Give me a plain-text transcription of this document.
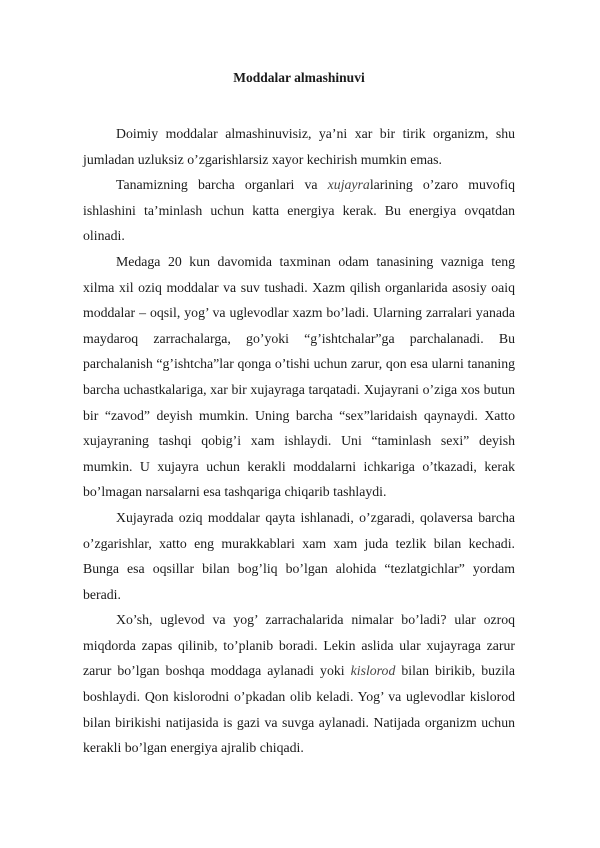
Moddalar almashinuvi

Doimiy moddalar almashinuvisiz, ya’ni xar bir tirik organizm, shu jumladan uzluksiz o’zgarishlarsiz xayor kechirish mumkin emas.

Tanamizning barcha organlari va xujayralarining o’zaro muvofiq ishlashini ta’minlash uchun katta energiya kerak. Bu energiya ovqatdan olinadi.

Medaga 20 kun davomida taxminan odam tanasining vazniga teng xilma xil oziq moddalar va suv tushadi. Xazm qilish organlarida asosiy oaiq moddalar – oqsil, yog’ va uglevodlar xazm bo’ladi. Ularning zarralari yanada maydaroq zarrachalarga, go’yoki “g’ishtchalar”ga parchalanadi. Bu parchalanish “g’ishtcha”lar qonga o’tishi uchun zarur, qon esa ularni tananing barcha uchastkalariga, xar bir xujayraga tarqatadi. Xujayrani o’ziga xos butun bir “zavod” deyish mumkin. Uning barcha “sex”laridaish qaynaydi. Xatto xujayraning tashqi qobig’i xam ishlaydi. Uni “taminlash sexi” deyish mumkin. U xujayra uchun kerakli moddalarni ichkariga o’tkazadi, kerak bo’lmagan narsalarni esa tashqariga chiqarib tashlaydi.

Xujayrada oziq moddalar qayta ishlanadi, o’zgaradi, qolaversa barcha o’zgarishlar, xatto eng murakkablari xam xam juda tezlik bilan kechadi. Bunga esa oqsillar bilan bog’liq bo’lgan alohida “tezlatgichlar” yordam beradi.

Xo’sh, uglevod va yog’ zarrachalarida nimalar bo’ladi? ular ozroq miqdorda zapas qilinib, to’planib boradi. Lekin aslida ular xujayraga zarur zarur bo’lgan boshqa moddaga aylanadi yoki kislorod bilan birikib, buzila boshlaydi. Qon kislorodni o’pkadan olib keladi. Yog’ va uglevodlar kislorod bilan birikishi natijasida is gazi va suvga aylanadi. Natijada organizm uchun kerakli bo’lgan energiya ajralib chiqadi.
